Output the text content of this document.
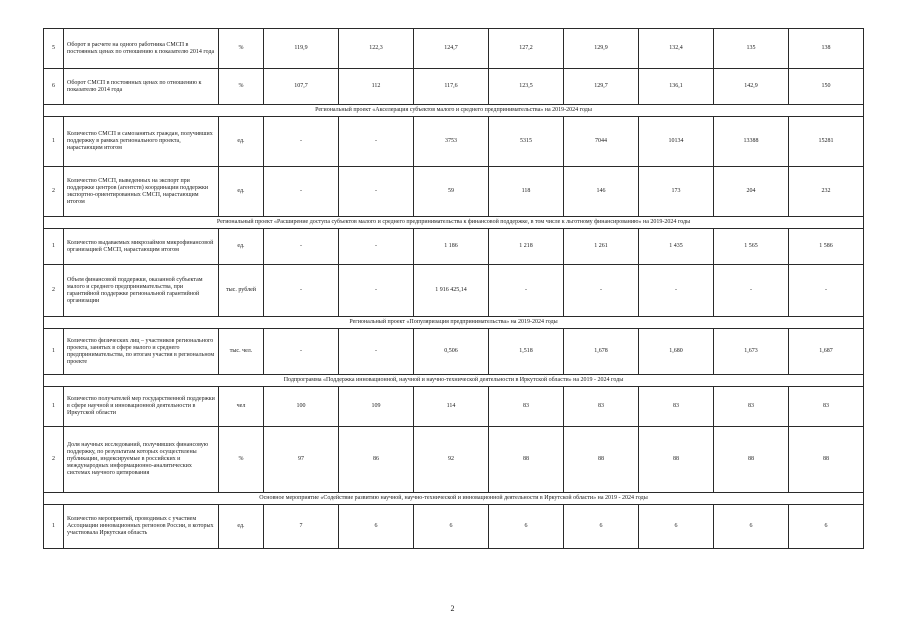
5	Оборот в расчете на одного работника СМСП в постоянных ценах по отношению к показателю 2014 года	%	119,9	122,3	124,7	127,2	129,9	132,4	135	138
6	Оборот СМСП в постоянных ценах по отношению к показателю 2014 года	%	107,7	112	117,6	123,5	129,7	136,1	142,9	150
Региональный проект «Акселерация субъектов малого и среднего предпринимательства» на 2019-2024 годы										
1	Количество СМСП и самозанятых граждан, получивших поддержку в рамках регионального проекта, нарастающим итогом	ед.	-	-	3753	5315	7044	10134	13388	15281
2	Количество СМСП, выведенных на экспорт при поддержке центров (агентств) координации поддержки экспортно-ориентированных СМСП, нарастающим итогом	ед.	-	-	59	118	146	173	204	232
Региональный проект «Расширение доступа субъектов малого и среднего предпринимательства к финансовой поддержке, в том числе к льготному финансированию» на 2019-2024 годы										
1	Количество выдаваемых микрозаймов микрофинансовой организацией СМСП, нарастающим итогом	ед.	-	-	1 186	1 218	1 261	1 435	1 565	1 586
2	Объем финансовой поддержки, оказанной субъектам малого и среднего предпринимательства, при гарантийной поддержке региональной гарантийной организации	тыс. рублей	-	-	1 916 425,14	-	-	-	-	-
Региональный проект «Популяризация предпринимательства» на 2019-2024 годы										
1	Количество физических лиц – участников регионального проекта, занятых в сфере малого и среднего предпринимательства, по итогам участия в региональном проекте	тыс. чел.	-	-	0,506	1,518	1,678	1,680	1,673	1,687
Подпрограмма «Поддержка инновационной, научной и научно-технической деятельности в Иркутской области» на 2019 - 2024 годы										
1	Количество получателей мер государственной поддержки в сфере научной и инновационной деятельности в Иркутской области	чел	100	109	114	83	83	83	83	83
2	Доля научных исследований, получивших финансовую поддержку, по результатам которых осуществлены публикации, индексируемые в российских и международных информационно-аналитических системах научного цитирования	%	97	86	92	88	88	88	88	88
Основное мероприятие «Содействие развитию научной, научно-технической и инновационной деятельности в Иркутской области» на 2019 - 2024 годы										
1	Количество мероприятий, проводимых с участием Ассоциации инновационных регионов России, в которых участвовала Иркутская область	ед.	7	6	6	6	6	6	6	6
2
